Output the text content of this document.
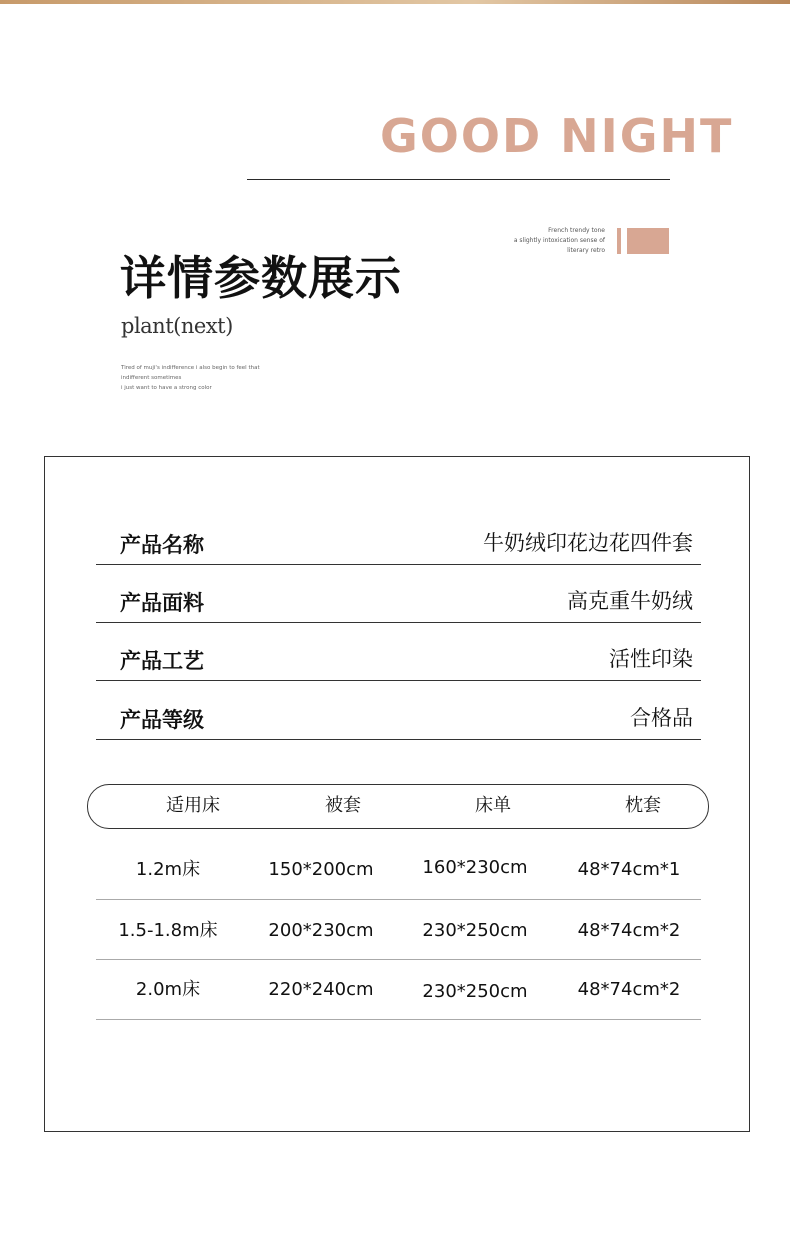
GOOD NIGHT
French trendy tone
a slightly intoxication sense of
literary retro
详情参数展示
plant(next)
Tired of muji's indifference i also begin to feel that
indifferent sometimes
i just want to have a strong color
产品名称	牛奶绒印花边花四件套
产品面料	高克重牛奶绒
产品工艺	活性印染
产品等级	合格品
适用床	被套	床单	枕套
1.2m床	150*200cm	160*230cm	48*74cm*1
1.5-1.8m床	200*230cm	230*250cm	48*74cm*2
2.0m床	220*240cm	230*250cm	48*74cm*2
